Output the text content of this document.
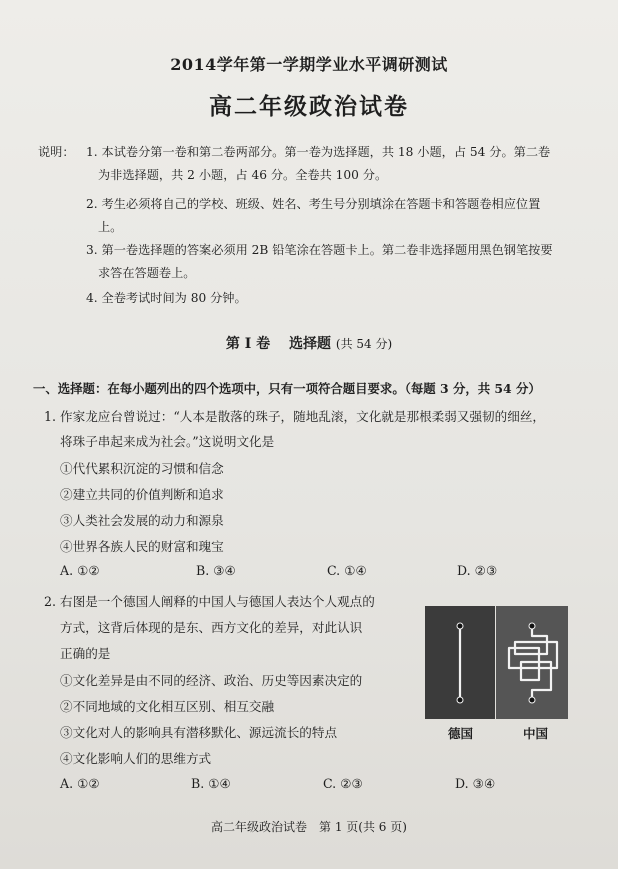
2014学年第一学期学业水平调研测试
高二年级政治试卷
说明： 1. 本试卷分第一卷和第二卷两部分。第一卷为选择题，共 18 小题，占 54 分。第二卷
为非选择题，共 2 小题，占 46 分。全卷共 100 分。
2. 考生必须将自己的学校、班级、姓名、考生号分别填涂在答题卡和答题卷相应位置
上。
3. 第一卷选择题的答案必须用 2B 铅笔涂在答题卡上。第二卷非选择题用黑色钢笔按要
求答在答题卷上。
4. 全卷考试时间为 80 分钟。
第 I 卷　 选择题 (共 54 分)
一、选择题：在每小题列出的四个选项中，只有一项符合题目要求。（每题 3 分，共 54 分）
1. 作家龙应台曾说过：“人本是散落的珠子，随地乱滚，文化就是那根柔弱又强韧的细丝，
将珠子串起来成为社会。”这说明文化是
①代代累积沉淀的习惯和信念
②建立共同的价值判断和追求
③人类社会发展的动力和源泉
④世界各族人民的财富和瑰宝
A. ①②	B. ③④	C. ①④	D. ②③
2. 右图是一个德国人阐释的中国人与德国人表达个人观点的
方式，这背后体现的是东、西方文化的差异，对此认识
正确的是
①文化差异是由不同的经济、政治、历史等因素决定的
②不同地域的文化相互区别、相互交融
③文化对人的影响具有潜移默化、源远流长的特点
④文化影响人们的思维方式
A. ①②	B. ①④	C. ②③	D. ③④
德国	中国
高二年级政治试卷　第 1 页(共 6 页)
